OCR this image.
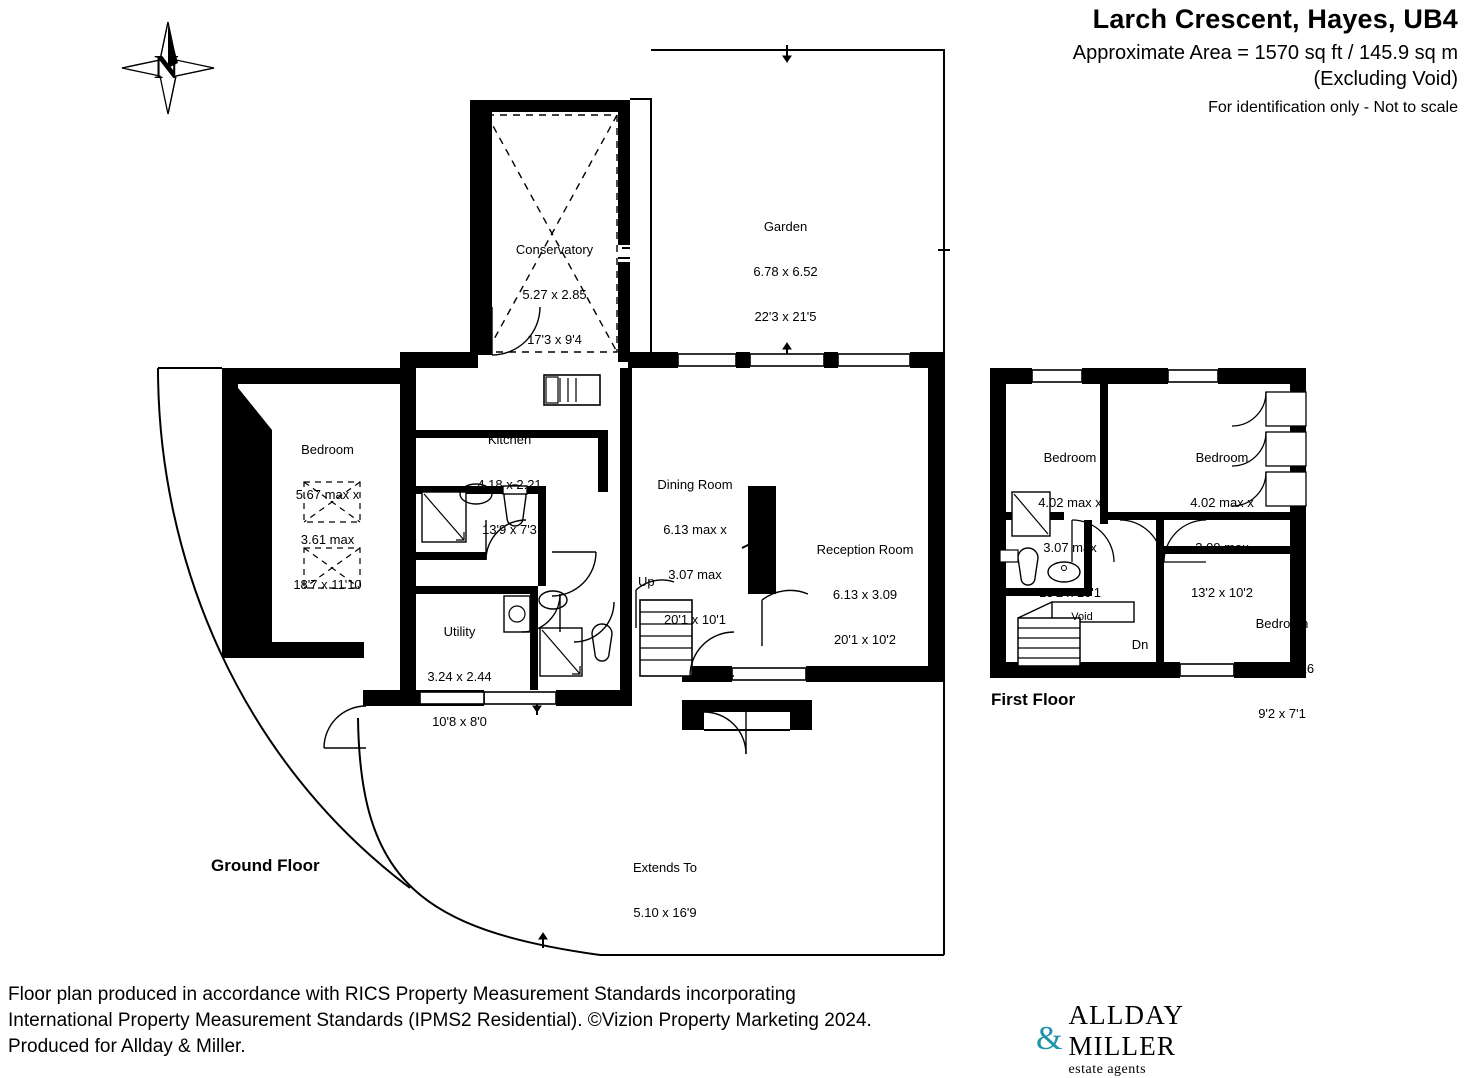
Larch Crescent, Hayes, UB4
Approximate Area = 1570 sq ft / 145.9 sq m
(Excluding Void)
For identification only - Not to scale
N

Conservatory

5.27 x 2.85

17'3 x 9'4

Garden

6.78 x 6.52

22'3 x 21'5

Kitchen

4.18 x 2.21

13'9 x 7'3

Bedroom

5.67 max x

3.61 max

18'7 x 11'10

Dining Room

6.13 max x

3.07 max

20'1 x 10'1

Reception Room

6.13 x 3.09

20'1 x 10'2

Utility

3.24 x 2.44

10'8 x 8'0

Up

Extends To

5.10 x 16'9

Ground Floor

Bedroom

4.02 max x

3.07 max

13'2 x 10'1

Bedroom

4.02 max x

3.09 max

13'2 x 10'2

Bedroom

2.80 x 2.16

9'2 x 7'1

Void
Dn
First Floor
Floor plan produced in accordance with RICS Property Measurement Standards incorporating
International Property Measurement Standards (IPMS2 Residential). ©Vizion Property Marketing 2024.
Produced for Allday & Miller.	&
ALLDAY
MILLER
estate agents
